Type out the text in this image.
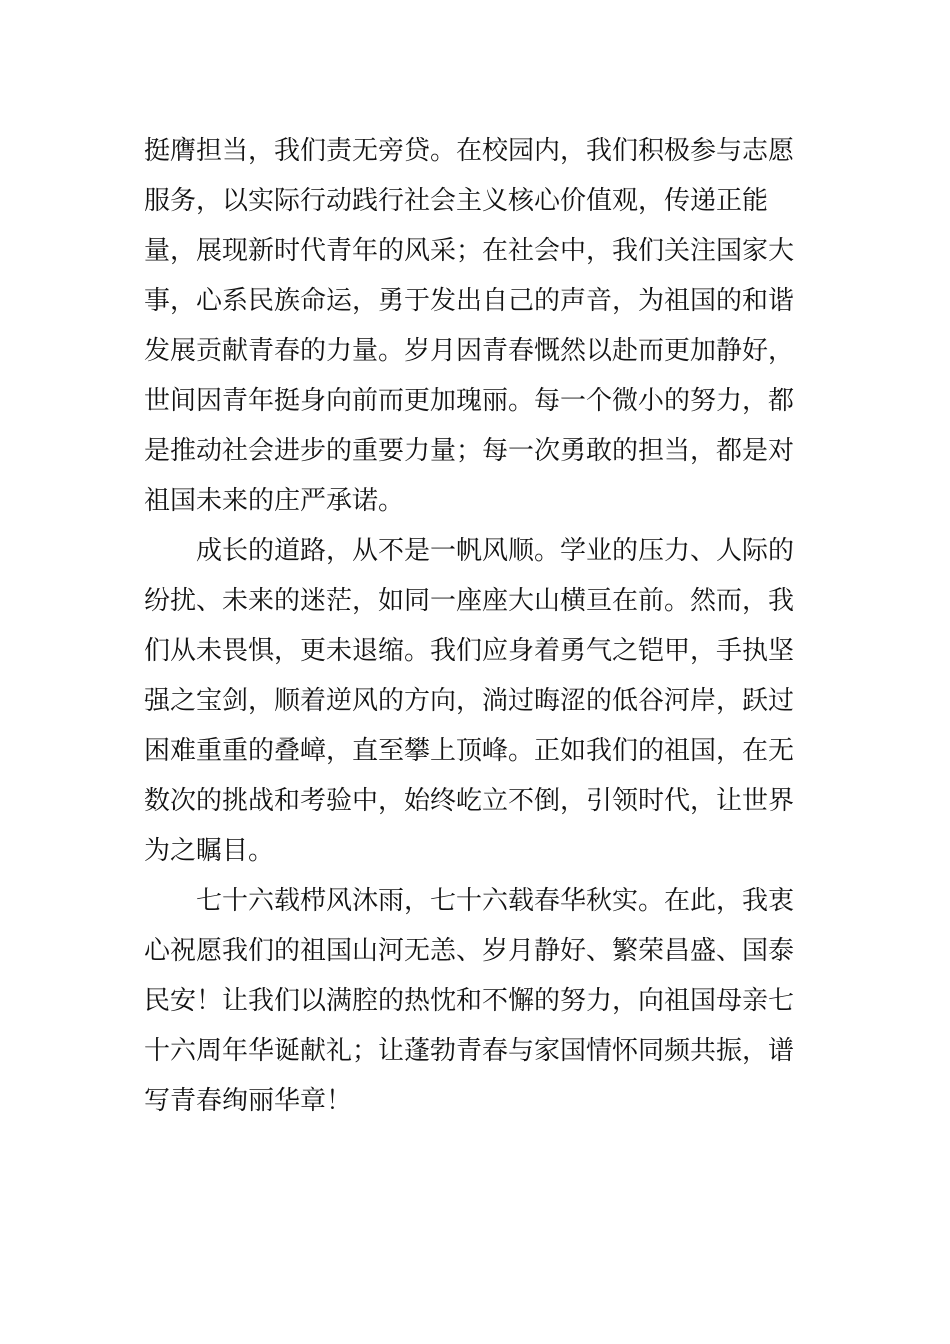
挺膺担当，我们责无旁贷。在校园内，我们积极参与志愿
服务，以实际行动践行社会主义核心价值观，传递正能
量，展现新时代青年的风采；在社会中，我们关注国家大
事，心系民族命运，勇于发出自己的声音，为祖国的和谐
发展贡献青春的力量。岁月因青春慨然以赴而更加静好，
世间因青年挺身向前而更加瑰丽。每一个微小的努力，都
是推动社会进步的重要力量；每一次勇敢的担当，都是对
祖国未来的庄严承诺。
成长的道路，从不是一帆风顺。学业的压力、人际的
纷扰、未来的迷茫，如同一座座大山横亘在前。然而，我
们从未畏惧，更未退缩。我们应身着勇气之铠甲，手执坚
强之宝剑，顺着逆风的方向，淌过晦涩的低谷河岸，跃过
困难重重的叠嶂，直至攀上顶峰。正如我们的祖国，在无
数次的挑战和考验中，始终屹立不倒，引领时代，让世界
为之瞩目。
七十六载栉风沐雨，七十六载春华秋实。在此，我衷
心祝愿我们的祖国山河无恙、岁月静好、繁荣昌盛、国泰
民安！让我们以满腔的热忱和不懈的努力，向祖国母亲七
十六周年华诞献礼；让蓬勃青春与家国情怀同频共振，谱
写青春绚丽华章！
